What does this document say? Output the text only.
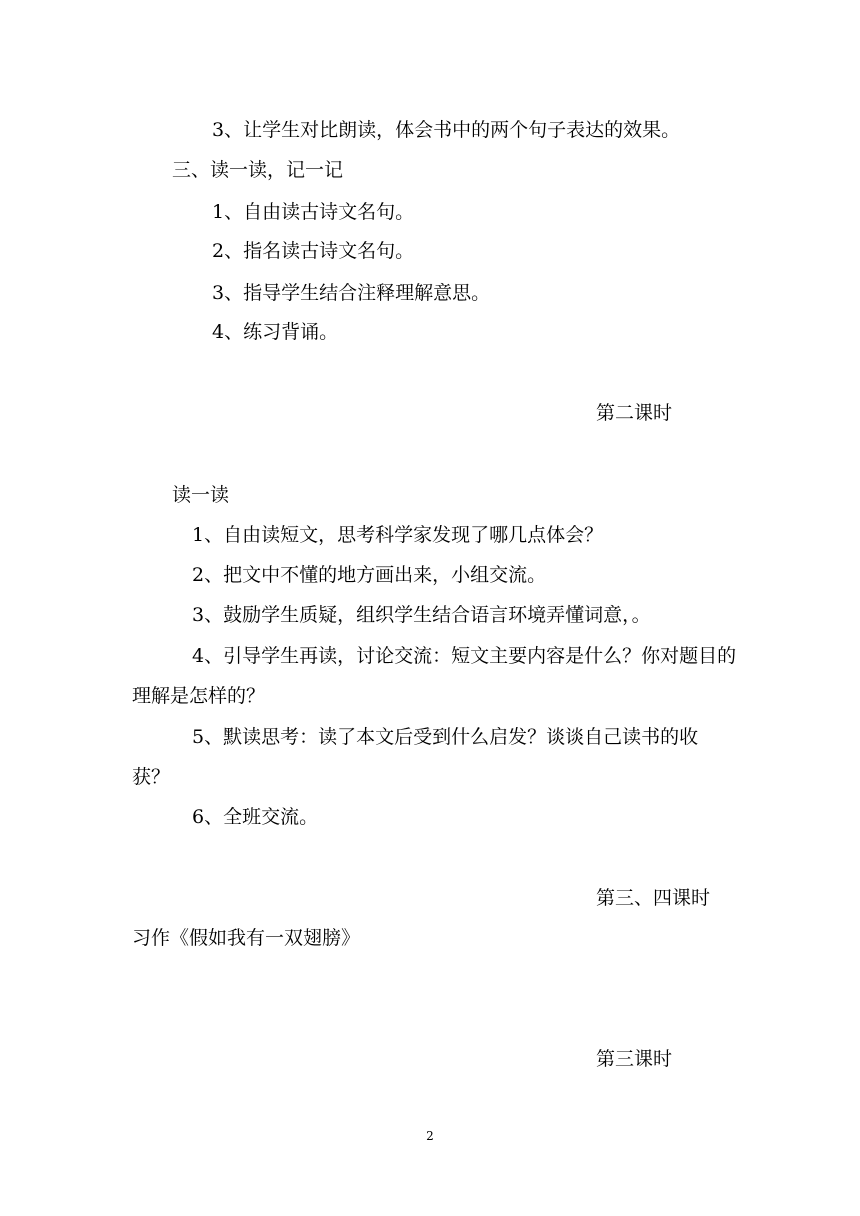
3、让学生对比朗读，体会书中的两个句子表达的效果。
三、读一读，记一记
1、自由读古诗文名句。
2、指名读古诗文名句。
3、指导学生结合注释理解意思。
4、练习背诵。
第二课时
读一读
1、自由读短文，思考科学家发现了哪几点体会？
2、把文中不懂的地方画出来，小组交流。
3、鼓励学生质疑，组织学生结合语言环境弄懂词意，。
4、引导学生再读，讨论交流：短文主要内容是什么？你对题目的
理解是怎样的？
5、默读思考：读了本文后受到什么启发？谈谈自己读书的收
获？
6、全班交流。
第三、四课时
习作《假如我有一双翅膀》
第三课时
2
